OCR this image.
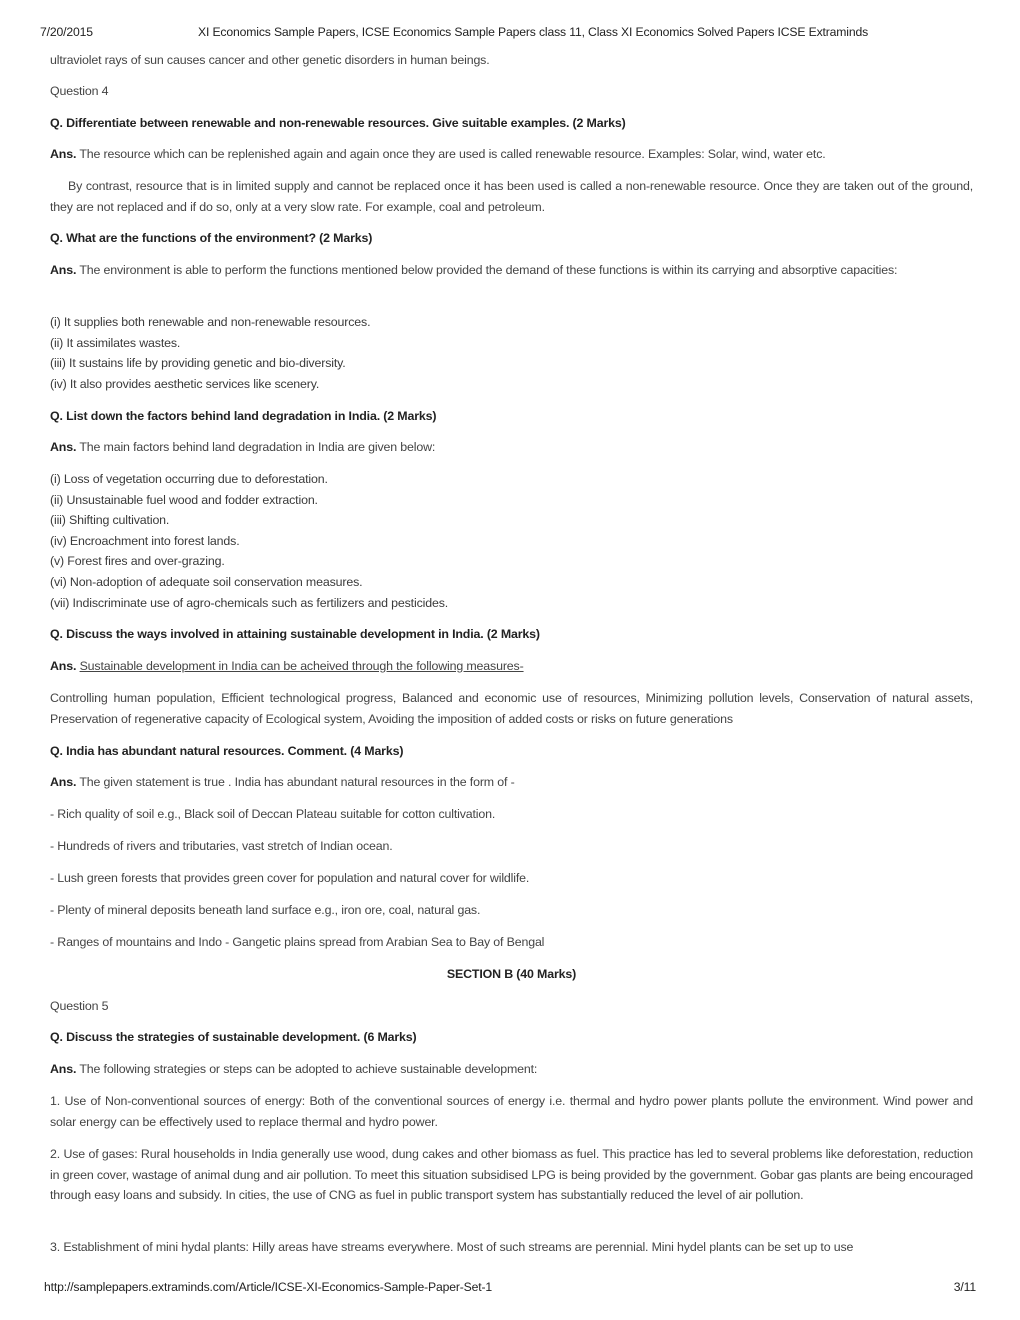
7/20/2015	XI Economics Sample Papers, ICSE Economics Sample Papers class 11, Class XI Economics Solved Papers ICSE Extraminds

ultraviolet rays of sun causes cancer and other genetic disorders in human beings.

Question 4

Q. Differentiate between renewable and non-renewable resources. Give suitable examples. (2 Marks)

Ans. The resource which can be replenished again and again once they are used is called renewable resource. Examples: Solar, wind, water etc.

By contrast, resource that is in limited supply and cannot be replaced once it has been used is called a non-renewable resource. Once they are taken out of the ground, they are not replaced and if do so, only at a very slow rate. For example, coal and petroleum.

Q. What are the functions of the environment? (2 Marks)

Ans. The environment is able to perform the functions mentioned below provided the demand of these functions is within its carrying and absorptive capacities:

(i) It supplies both renewable and non-renewable resources.
(ii) It assimilates wastes.
(iii) It sustains life by providing genetic and bio-diversity.
(iv) It also provides aesthetic services like scenery.

Q. List down the factors behind land degradation in India. (2 Marks)

Ans. The main factors behind land degradation in India are given below:

(i) Loss of vegetation occurring due to deforestation.
(ii) Unsustainable fuel wood and fodder extraction.
(iii) Shifting cultivation.
(iv) Encroachment into forest lands.
(v) Forest fires and over-grazing.
(vi) Non-adoption of adequate soil conservation measures.
(vii) Indiscriminate use of agro-chemicals such as fertilizers and pesticides.

Q. Discuss the ways involved in attaining sustainable development in India. (2 Marks)

Ans. Sustainable development in India can be acheived through the following measures-

Controlling human population, Efficient technological progress, Balanced and economic use of resources, Minimizing pollution levels, Conservation of natural assets, Preservation of regenerative capacity of Ecological system, Avoiding the imposition of added costs or risks on future generations

Q. India has abundant natural resources. Comment. (4 Marks)

Ans. The given statement is true . India has abundant natural resources in the form of -

- Rich quality of soil e.g., Black soil of Deccan Plateau suitable for cotton cultivation.

- Hundreds of rivers and tributaries, vast stretch of Indian ocean.

- Lush green forests that provides green cover for population and natural cover for wildlife.

- Plenty of mineral deposits beneath land surface e.g., iron ore, coal, natural gas.

- Ranges of mountains and Indo - Gangetic plains spread from Arabian Sea to Bay of Bengal

SECTION B (40 Marks)

Question 5

Q. Discuss the strategies of sustainable development. (6 Marks)

Ans. The following strategies or steps can be adopted to achieve sustainable development:

1. Use of Non-conventional sources of energy: Both of the conventional sources of energy i.e. thermal and hydro power plants pollute the environment. Wind power and solar energy can be effectively used to replace thermal and hydro power.

2. Use of gases: Rural households in India generally use wood, dung cakes and other biomass as fuel. This practice has led to several problems like deforestation, reduction in green cover, wastage of animal dung and air pollution. To meet this situation subsidised LPG is being provided by the government. Gobar gas plants are being encouraged through easy loans and subsidy. In cities, the use of CNG as fuel in public transport system has substantially reduced the level of air pollution.

3. Establishment of mini hydal plants: Hilly areas have streams everywhere. Most of such streams are perennial. Mini hydel plants can be set up to use

http://samplepapers.extraminds.com/Article/ICSE-XI-Economics-Sample-Paper-Set-1	3/11
